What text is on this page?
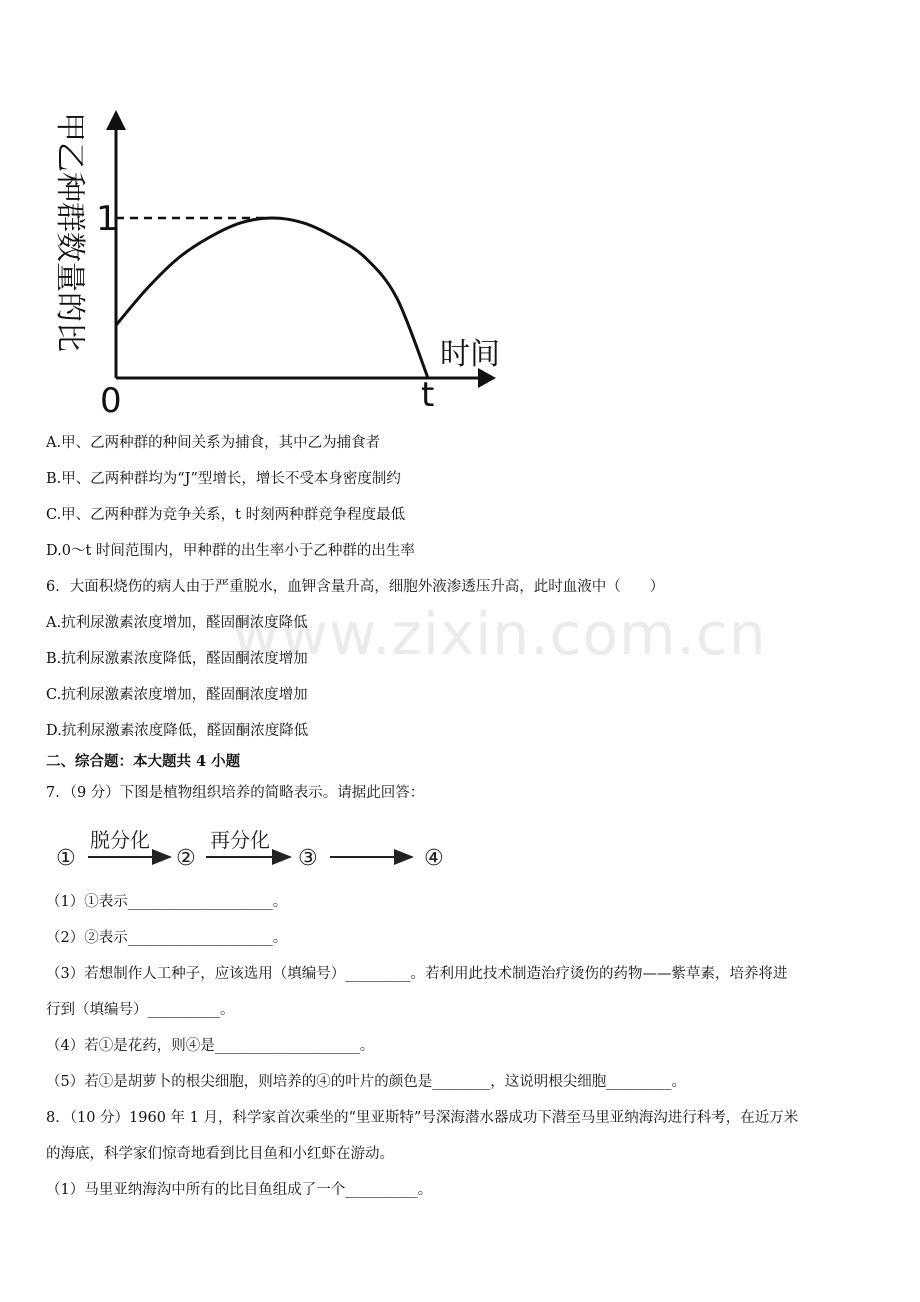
1
0	t
时间
甲乙种群数量的比
www.zixin.com.cn
A.甲、乙两种群的种间关系为捕食，其中乙为捕食者
B.甲、乙两种群均为“J”型增长，增长不受本身密度制约
C.甲、乙两种群为竞争关系，t 时刻两种群竞争程度最低
D.0～t 时间范围内，甲种群的出生率小于乙种群的出生率
6．大面积烧伤的病人由于严重脱水，血钾含量升高，细胞外液渗透压升高，此时血液中（　　）
A.抗利尿激素浓度增加，醛固酮浓度降低
B.抗利尿激素浓度降低，醛固酮浓度增加
C.抗利尿激素浓度增加，醛固酮浓度增加
D.抗利尿激素浓度降低，醛固酮浓度降低
二、综合题：本大题共 4 小题
7．（9 分）下图是植物组织培养的简略表示。请据此回答：
①
脱分化
②
再分化
③	④
（1）①表示____________________。
（2）②表示____________________。
（3）若想制作人工种子，应该选用（填编号）_________。若利用此技术制造治疗烫伤的药物——紫草素，培养将进
行到（填编号）__________。
（4）若①是花药，则④是____________________。
（5）若①是胡萝卜的根尖细胞，则培养的④的叶片的颜色是________，这说明根尖细胞_________。
8．（10 分）1960 年 1 月，科学家首次乘坐的“里亚斯特”号深海潜水器成功下潜至马里亚纳海沟进行科考，在近万米
的海底，科学家们惊奇地看到比目鱼和小红虾在游动。
（1）马里亚纳海沟中所有的比目鱼组成了一个__________。
